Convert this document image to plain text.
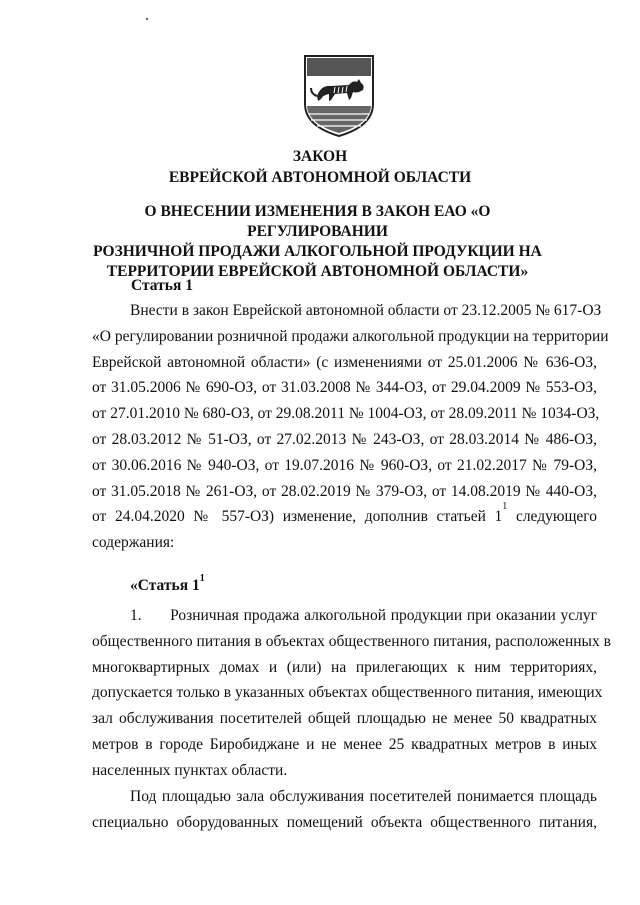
ЗАКОН
ЕВРЕЙСКОЙ АВТОНОМНОЙ ОБЛАСТИ
О ВНЕСЕНИИ ИЗМЕНЕНИЯ В ЗАКОН ЕАО «О РЕГУЛИРОВАНИИ
РОЗНИЧНОЙ ПРОДАЖИ АЛКОГОЛЬНОЙ ПРОДУКЦИИ НА
ТЕРРИТОРИИ ЕВРЕЙСКОЙ АВТОНОМНОЙ ОБЛАСТИ»
Статья 1
Внести в закон Еврейской автономной области от 23.12.2005 № 617-ОЗ
«О регулировании розничной продажи алкогольной продукции на территории
Еврейской автономной области» (с изменениями от 25.01.2006 № 636-ОЗ,
от 31.05.2006 № 690-ОЗ, от 31.03.2008 № 344-ОЗ, от 29.04.2009 № 553-ОЗ,
от 27.01.2010 № 680-ОЗ, от 29.08.2011 № 1004-ОЗ, от 28.09.2011 № 1034-ОЗ,
от 28.03.2012 № 51-ОЗ, от 27.02.2013 № 243-ОЗ, от 28.03.2014 № 486-ОЗ,
от 30.06.2016 № 940-ОЗ, от 19.07.2016 № 960-ОЗ, от 21.02.2017 № 79-ОЗ,
от 31.05.2018 № 261-ОЗ, от 28.02.2019 № 379-ОЗ, от 14.08.2019 № 440-ОЗ,
от 24.04.2020 № 557-ОЗ) изменение, дополнив статьей $1^1$ следующего
содержания:
«Статья $1^1$
1.      Розничная продажа алкогольной продукции при оказании услуг
общественного питания в объектах общественного питания, расположенных в
многоквартирных домах и (или) на прилегающих к ним территориях,
допускается только в указанных объектах общественного питания, имеющих
зал обслуживания посетителей общей площадью не менее 50 квадратных
метров в городе Биробиджане и не менее 25 квадратных метров в иных
населенных пунктах области.
Под площадью зала обслуживания посетителей понимается площадь
специально оборудованных помещений объекта общественного питания,
